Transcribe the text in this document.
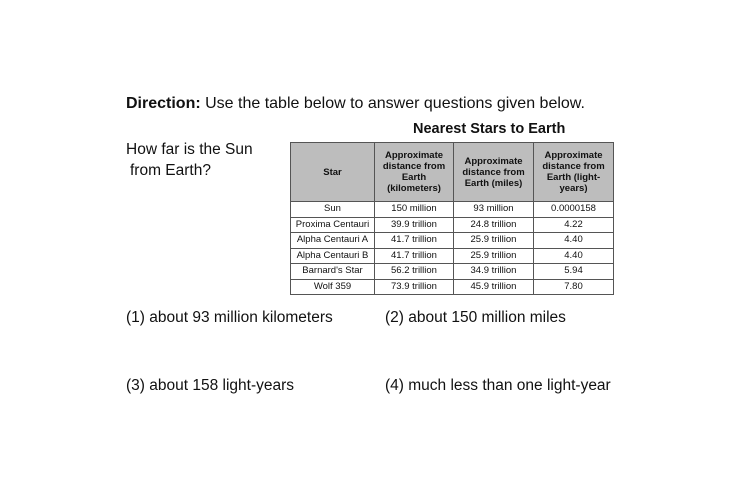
Direction: Use the table below to answer questions given below.
How far is the Sun
from Earth?
Nearest Stars to Earth
Star	Approximate distance from Earth (kilometers)	Approximate distance from Earth (miles)	Approximate distance from Earth (light-years)
Sun	150 million	93 million	0.0000158
Proxima Centauri	39.9 trillion	24.8 trillion	4.22
Alpha Centauri A	41.7 trillion	25.9 trillion	4.40
Alpha Centauri B	41.7 trillion	25.9 trillion	4.40
Barnard's Star	56.2 trillion	34.9 trillion	5.94
Wolf 359	73.9 trillion	45.9 trillion	7.80
(1) about 93 million kilometers	(2) about 150 million miles
(3) about 158 light-years	(4) much less than one light-year
